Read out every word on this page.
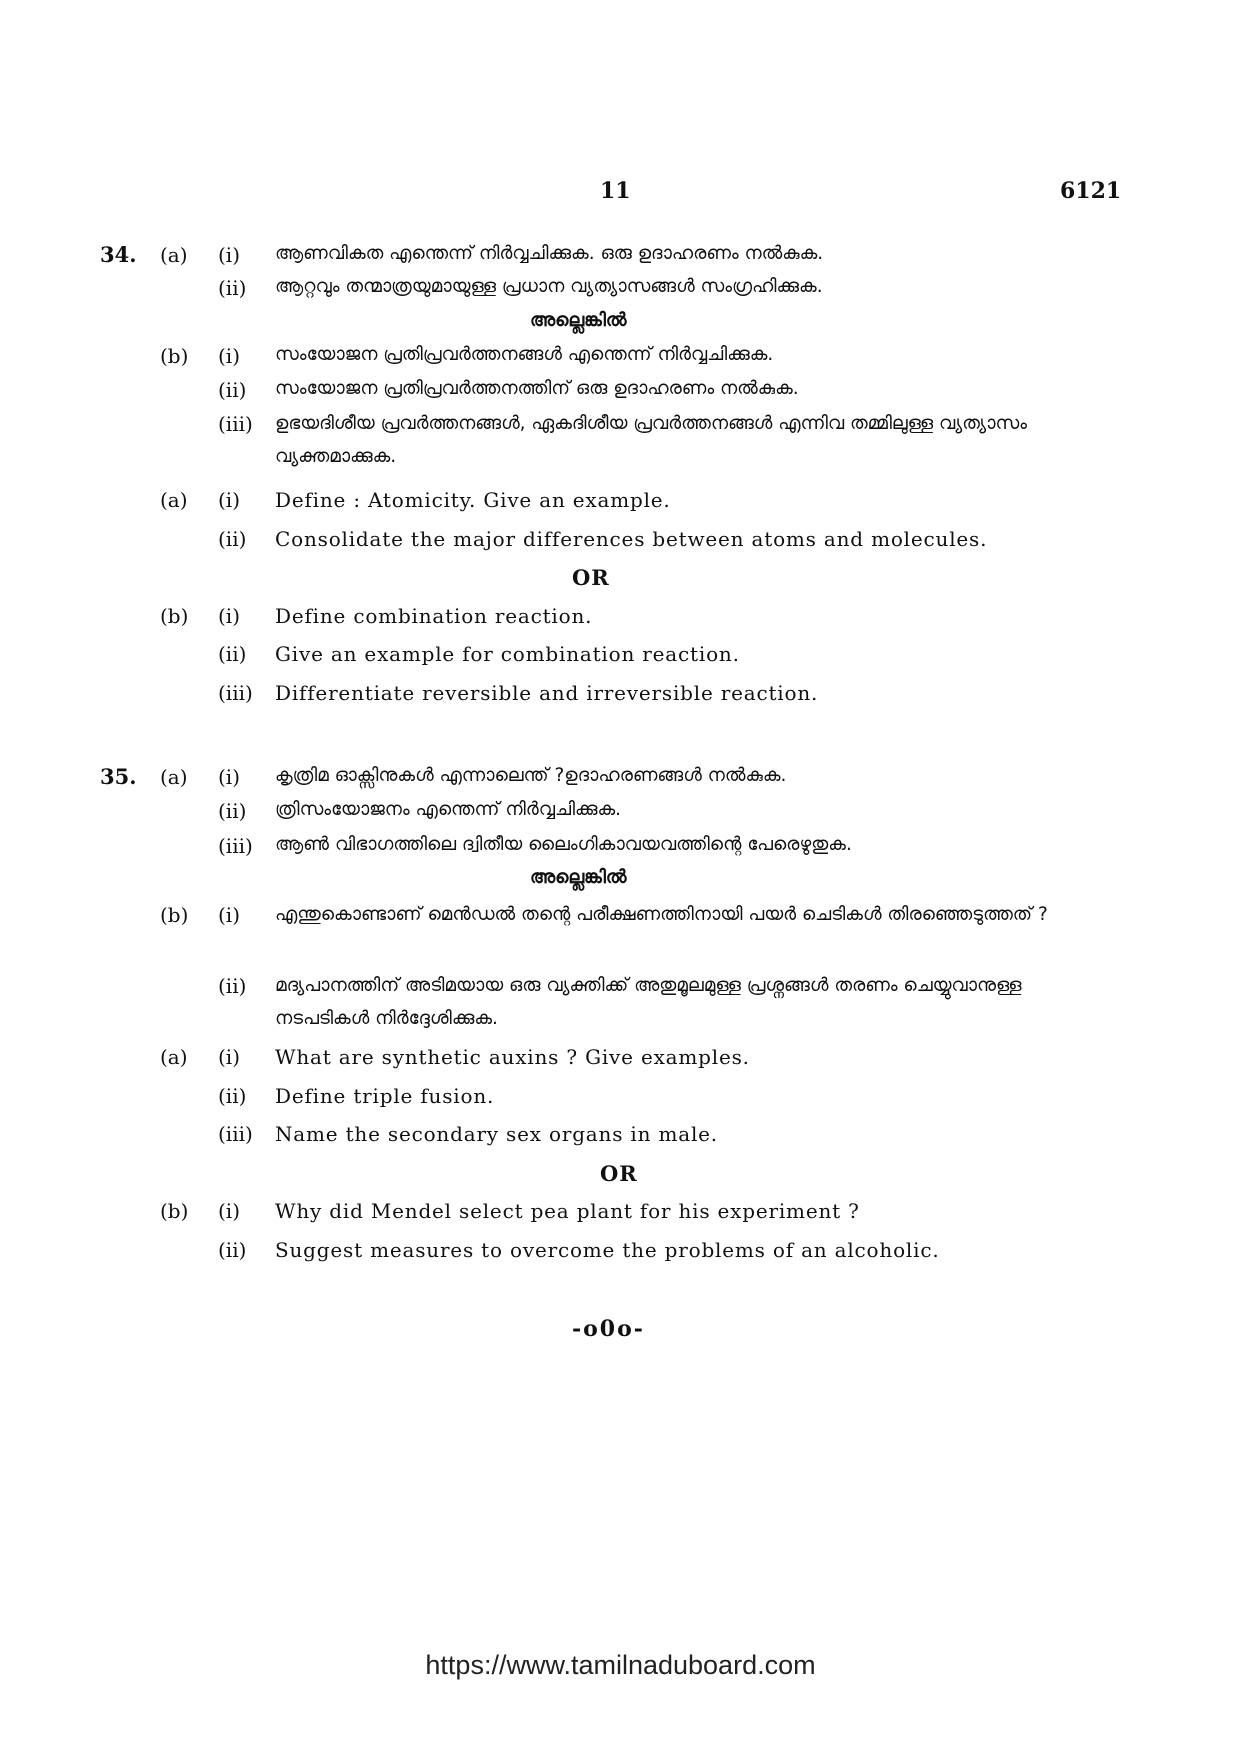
11	6121
34. (a) (i) ആണവികത എന്തെന്ന് നിർവ്വചിക്കുക. ഒരു ഉദാഹരണം നൽകുക.
(ii) ആറ്റവും തന്മാത്രയുമായുള്ള പ്രധാന വ്യത്യാസങ്ങൾ സംഗ്രഹിക്കുക.
അല്ലെങ്കിൽ
(b) (i) സംയോജന പ്രതിപ്രവർത്തനങ്ങൾ എന്തെന്ന് നിർവ്വചിക്കുക.
(ii) സംയോജന പ്രതിപ്രവർത്തനത്തിന് ഒരു ഉദാഹരണം നൽകുക.
(iii) ഉഭയദിശീയ പ്രവർത്തനങ്ങൾ, ഏകദിശീയ പ്രവർത്തനങ്ങൾ എന്നിവ തമ്മിലുള്ള വ്യത്യാസം വ്യക്തമാക്കുക.
(a) (i) Define : Atomicity. Give an example.
(ii) Consolidate the major differences between atoms and molecules.
OR
(b) (i) Define combination reaction.
(ii) Give an example for combination reaction.
(iii) Differentiate reversible and irreversible reaction.
35. (a) (i) കൃത്രിമ ഓക്സിനുകൾ എന്നാലെന്ത് ?ഉദാഹരണങ്ങൾ നൽകുക.
(ii) ത്രിസംയോജനം എന്തെന്ന് നിർവ്വചിക്കുക.
(iii) ആൺ വിഭാഗത്തിലെ ദ്വിതീയ ലൈംഗികാവയവത്തിന്റെ പേരെഴുതുക.
അല്ലെങ്കിൽ
(b) (i) എന്തുകൊണ്ടാണ് മെൻഡൽ തന്റെ പരീക്ഷണത്തിനായി പയർ ചെടികൾ തിരഞ്ഞെടുത്തത് ?
(ii) മദ്യപാനത്തിന് അടിമയായ ഒരു വ്യക്തിക്ക് അതുമൂലമുള്ള പ്രശ്നങ്ങൾ തരണം ചെയ്യുവാനുള്ള നടപടികൾ നിർദ്ദേശിക്കുക.
(a) (i) What are synthetic auxins ? Give examples.
(ii) Define triple fusion.
(iii) Name the secondary sex organs in male.
OR
(b) (i) Why did Mendel select pea plant for his experiment ?
(ii) Suggest measures to overcome the problems of an alcoholic.
-o0o-
https://www.tamilnaduboard.com
